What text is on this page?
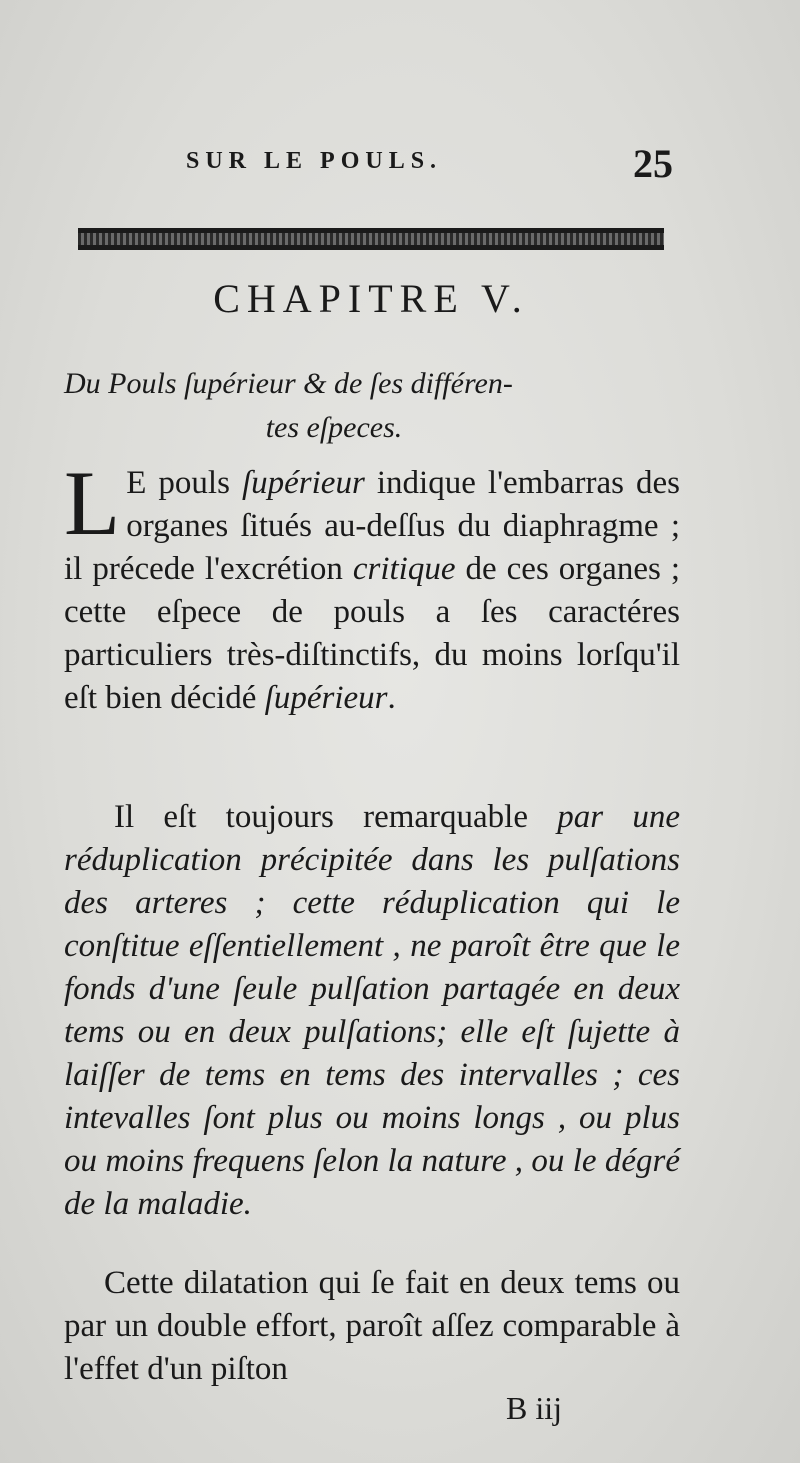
SUR LE POULS.	25
CHAPITRE V.
Du Pouls ſupérieur & de ſes différen-
tes eſpeces.
L E pouls ſupérieur indique l'embarras des organes ſitués au-deſſus du diaphragme ; il précede l'excrétion critique de ces organes ; cette eſpece de pouls a ſes caractéres particuliers très-diſtinctifs, du moins lorſqu'il eſt bien décidé ſupérieur.
Il eſt toujours remarquable par une réduplication précipitée dans les pulſations des arteres ; cette réduplication qui le conſtitue eſſentiellement , ne paroît être que le fonds d'une ſeule pulſation partagée en deux tems ou en deux pulſations; elle eſt ſujette à laiſſer de tems en tems des intervalles ; ces intevalles ſont plus ou moins longs , ou plus ou moins frequens ſelon la nature , ou le dégré de la maladie.
Cette dilatation qui ſe fait en deux tems ou par un double effort, paroît aſſez comparable à l'effet d'un piſton
B iij
